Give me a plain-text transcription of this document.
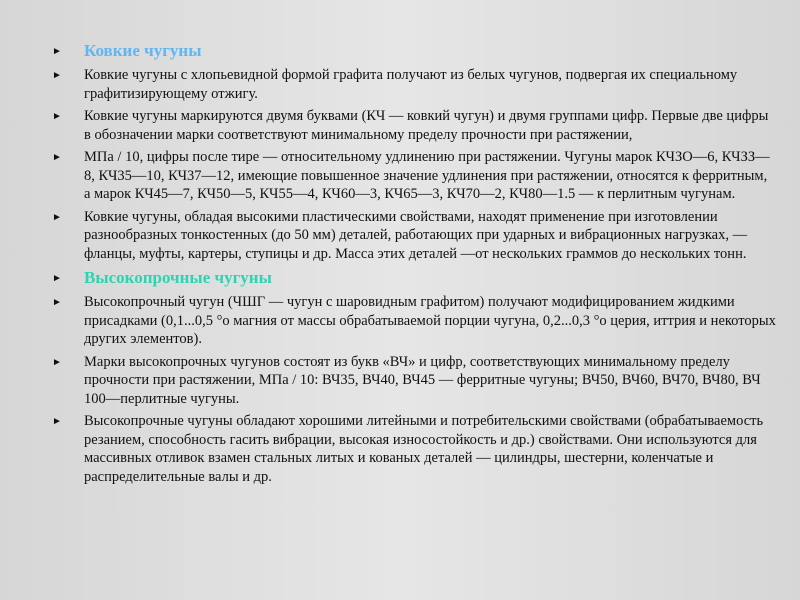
► Ковкие чугуны
► Ковкие чугуны с хлопьевидной формой графита получают из белых чугунов, подвергая их специальному графитизирующему отжигу.
► Ковкие чугуны маркируются двумя буквами (КЧ — ковкий чугун) и двумя группами цифр. Первые две цифры в обозначении марки соответствуют минимальному пределу прочности при растяжении,
► МПа / 10, цифры после тире — относительному удлинению при растяжении. Чугуны марок КЧЗО—6, КЧЗЗ—8, КЧ35—10, КЧ37—12, имеющие повышенное значение удлинения при растяжении, относятся к ферритным, а марок КЧ45—7, КЧ50—5, КЧ55—4, КЧ60—3, КЧ65—3, КЧ70—2, КЧ80—1.5 — к перлитным чугунам.
► Ковкие чугуны, обладая высокими пластическими свойствами, находят применение при изготовлении разнообразных тонкостенных (до 50 мм) деталей, работающих при ударных и вибрационных нагрузках, — фланцы, муфты, картеры, ступицы и др. Масса этих деталей —от нескольких граммов до нескольких тонн.
► Высокопрочные чугуны
► Высокопрочный чугун (ЧШГ — чугун с шаровидным графитом) получают модифицированием жидкими присадками (0,1...0,5 °о магния от массы обрабатываемой порции чугуна, 0,2...0,3 °о церия, иттрия и некоторых других элементов).
► Марки высокопрочных чугунов состоят из букв «ВЧ» и цифр, соответствующих минимальному пределу прочности при растяжении, МПа / 10: ВЧ35, ВЧ40, ВЧ45 — ферритные чугуны; ВЧ50, ВЧ60, ВЧ70, ВЧ80, ВЧ 100—перлитные чугуны.
► Высокопрочные чугуны обладают хорошими литейными и потребительскими свойствами (обрабатываемость резанием, способность гасить вибрации, высокая износостойкость и др.) свойствами. Они используются для массивных отливок взамен стальных литых и кованых деталей — цилиндры, шестерни, коленчатые и распределительные валы и др.
